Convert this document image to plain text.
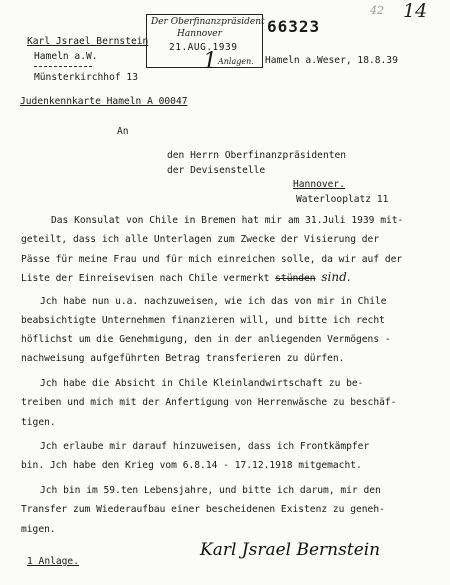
42 14
Karl Jsrael Bernstein
Hameln a.W.
Münsterkirchhof 13
Judenkennkarte Hameln A 00047
Der Oberfinanzpräsident
Hannover
21.AUG.1939
1 Anlagen.
66323
Hameln a.Weser, 18.8.39
An
den Herrn Oberfinanzpräsidenten
der Devisenstelle
Hannover.
Waterlooplatz 11
Das Konsulat von Chile in Bremen hat mir am 31.Juli 1939 mit-
geteilt, dass ich alle Unterlagen zum Zwecke der Visierung der
Pässe für meine Frau und für mich einreichen solle, da wir auf der
Liste der Einreisevisen nach Chile vermerkt stünden sind.
Jch habe nun u.a. nachzuweisen, wie ich das von mir in Chile
beabsichtigte Unternehmen finanzieren will, und bitte ich recht
höflichst um die Genehmigung, den in der anliegenden Vermögens -
nachweisung aufgeführten Betrag transferieren zu dürfen.
Jch habe die Absicht in Chile Kleinlandwirtschaft zu be-
treiben und mich mit der Anfertigung von Herrenwäsche zu beschäf-
tigen.
Jch erlaube mir darauf hinzuweisen, dass ich Frontkämpfer
bin. Jch habe den Krieg vom 6.8.14 - 17.12.1918 mitgemacht.
Jch bin im 59.ten Lebensjahre, und bitte ich darum, mir den
Transfer zum Wiederaufbau einer bescheidenen Existenz zu geneh-
migen.
1 Anlage.
Karl Jsrael Bernstein
